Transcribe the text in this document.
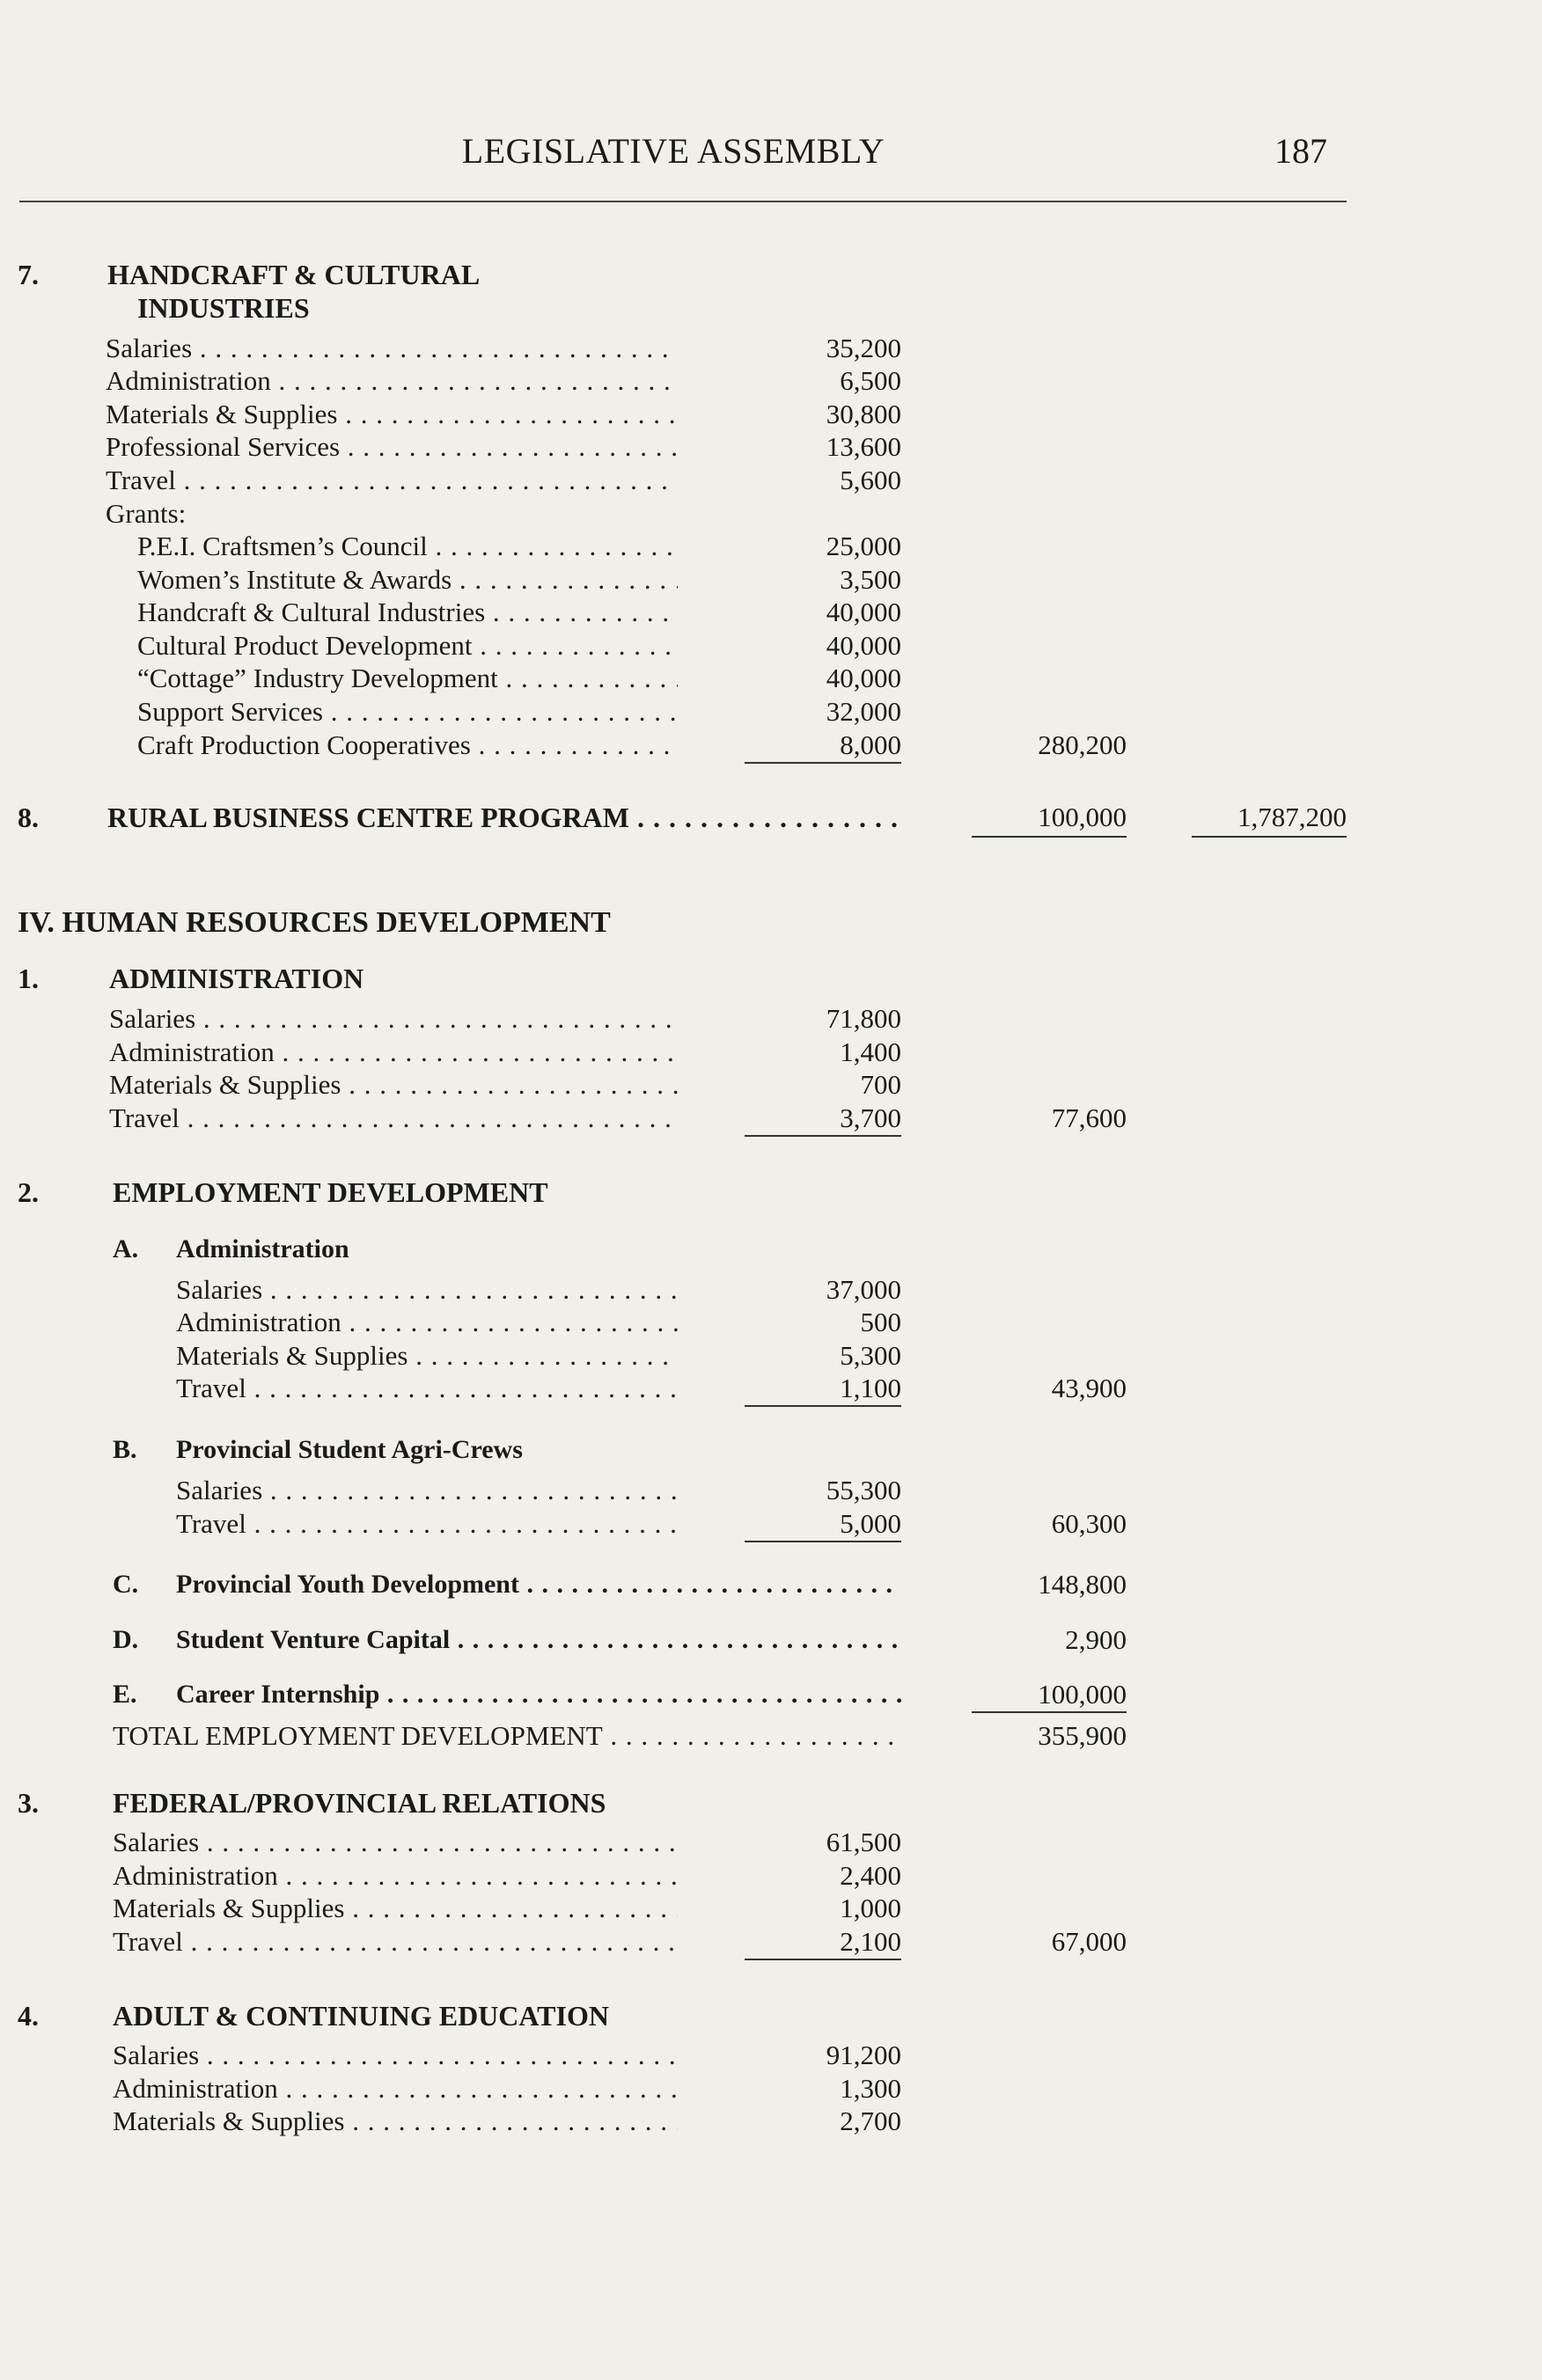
LEGISLATIVE ASSEMBLY	187
7. HANDCRAFT & CULTURAL
INDUSTRIES
Salaries . . .	35,200
Administration . . .	6,500
Materials & Supplies . . .	30,800
Professional Services . . .	13,600
Travel . . .	5,600
Grants:
P.E.I. Craftsmen’s Council . . .	25,000
Women’s Institute & Awards . . .	3,500
Handcraft & Cultural Industries . . .	40,000
Cultural Product Development . . .	40,000
“Cottage” Industry Development . . .	40,000
Support Services . . .	32,000
Craft Production Cooperatives . . .	8,000	280,200
8. RURAL BUSINESS CENTRE PROGRAM . . .	100,000	1,787,200
IV. HUMAN RESOURCES DEVELOPMENT
1.	ADMINISTRATION
Salaries . . .	71,800
Administration . . .	1,400
Materials & Supplies . . .	700
Travel . . .	3,700	77,600
2.	EMPLOYMENT DEVELOPMENT
A. Administration
Salaries . . .	37,000
Administration . . .	500
Materials & Supplies . . .	5,300
Travel . . .	1,100	43,900
B. Provincial Student Agri-Crews
Salaries . . .	55,300
Travel . . .	5,000	60,300
C. Provincial Youth Development . . .	148,800
D. Student Venture Capital . . .	2,900
E. Career Internship . . .	100,000
TOTAL EMPLOYMENT DEVELOPMENT . . .	355,900
3.	FEDERAL/PROVINCIAL RELATIONS
Salaries . . .	61,500
Administration . . .	2,400
Materials & Supplies . . .	1,000
Travel . . .	2,100	67,000
4.	ADULT & CONTINUING EDUCATION
Salaries . . .	91,200
Administration . . .	1,300
Materials & Supplies . . .	2,700
